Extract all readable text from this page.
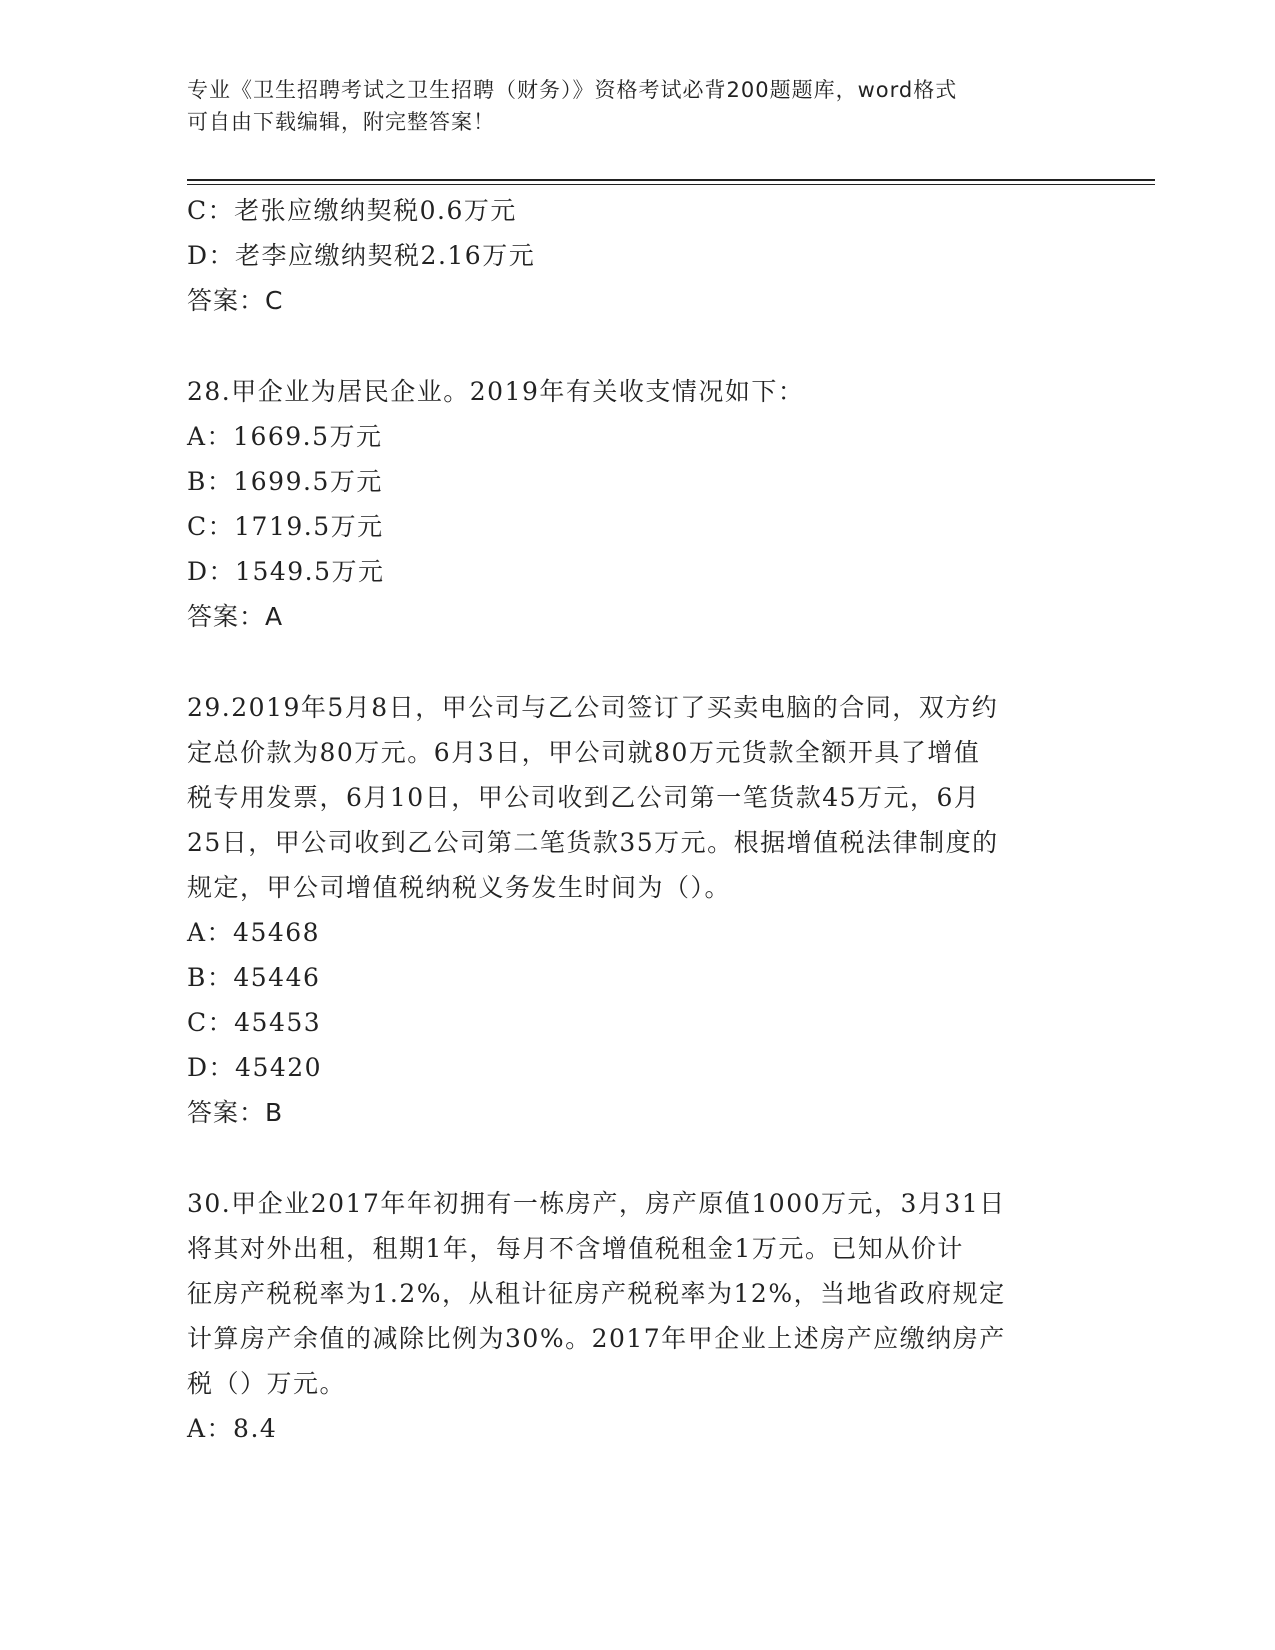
专业《卫生招聘考试之卫生招聘（财务）》资格考试必背200题题库，word格式
可自由下载编辑，附完整答案！
C：老张应缴纳契税0.6万元
D：老李应缴纳契税2.16万元
答案：C
28.甲企业为居民企业。2019年有关收支情况如下：
A：1669.5万元
B：1699.5万元
C：1719.5万元
D：1549.5万元
答案：A
29.2019年5月8日，甲公司与乙公司签订了买卖电脑的合同，双方约
定总价款为80万元。6月3日，甲公司就80万元货款全额开具了增值
税专用发票，6月10日，甲公司收到乙公司第一笔货款45万元，6月
25日，甲公司收到乙公司第二笔货款35万元。根据增值税法律制度的
规定，甲公司增值税纳税义务发生时间为（）。
A：45468
B：45446
C：45453
D：45420
答案：B
30.甲企业2017年年初拥有一栋房产，房产原值1000万元，3月31日
将其对外出租，租期1年，每月不含增值税租金1万元。已知从价计
征房产税税率为1.2%，从租计征房产税税率为12%，当地省政府规定
计算房产余值的减除比例为30%。2017年甲企业上述房产应缴纳房产
税（）万元。
A：8.4
